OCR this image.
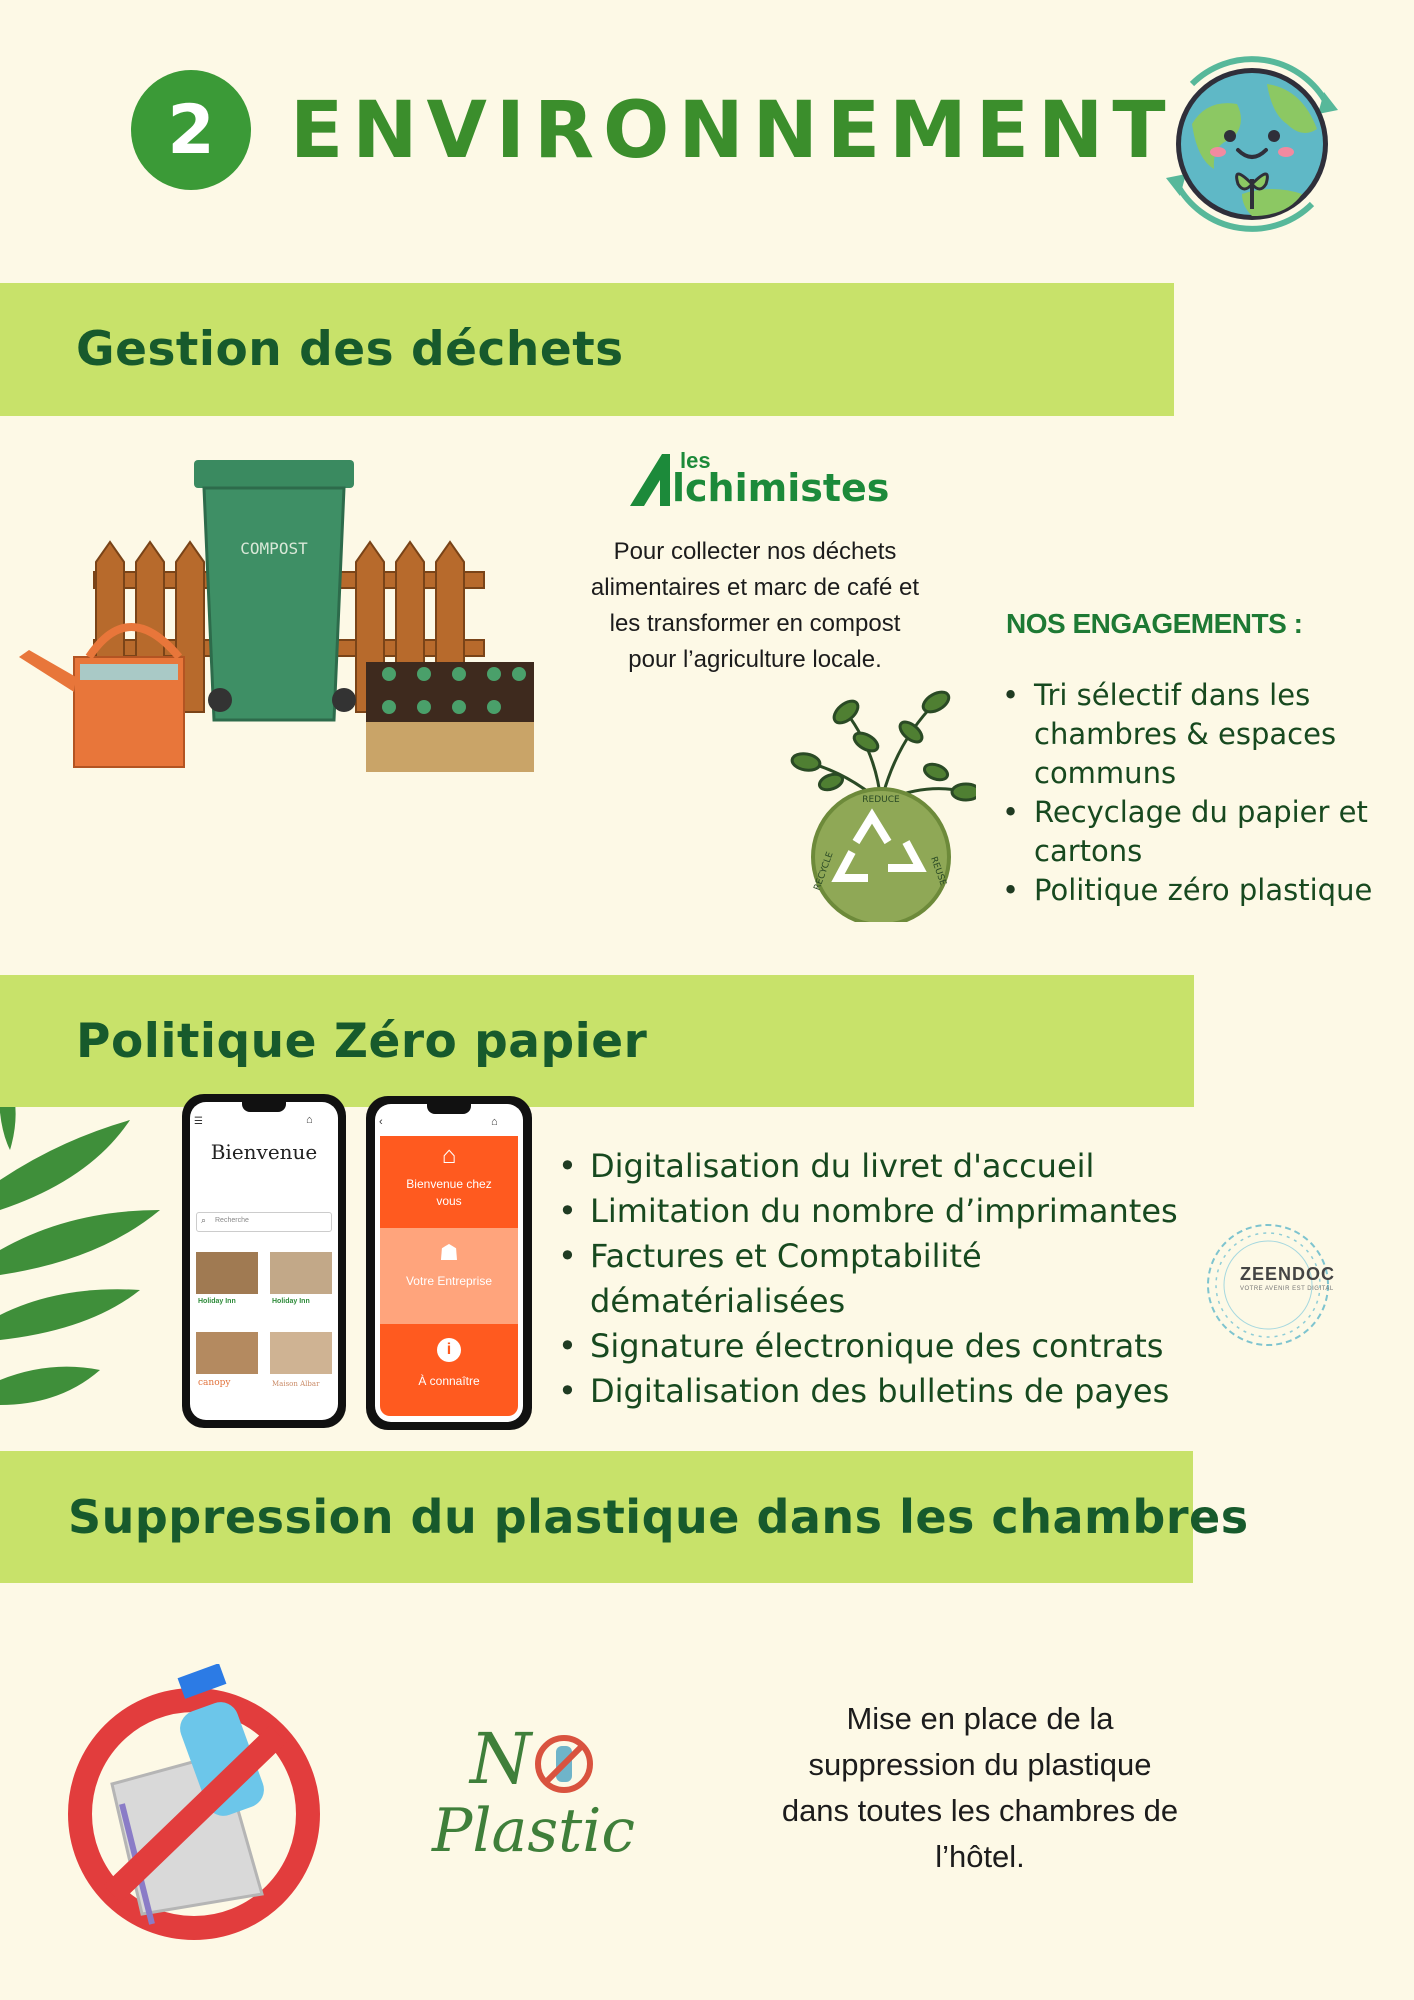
2 ENVIRONNEMENT
Gestion des déchets
COMPOST
les
lchimistes
Pour collecter nos déchets
alimentaires et marc de café et
les transformer en compost
pour l’agriculture locale.
REDUCE
REUSE
RECYCLE
NOS ENGAGEMENTS :
• Tri sélectif dans les chambres & espaces communs
• Recyclage du papier et cartons
• Politique zéro plastique
Politique Zéro papier
☰	⌂
Bienvenue
⌕ Recherche
Holiday Inn	Holiday Inn
canopy	Maison Albar
‹	⌂
⌂
Bienvenue chez vous
☗
Votre Entreprise
i
À connaître
• Digitalisation du livret d'accueil
• Limitation du nombre d’imprimantes
• Factures et Comptabilité dématérialisées
• Signature électronique des contrats
• Digitalisation des bulletins de payes
ZEENDOC
VOTRE AVENIR EST DIGITAL
Suppression du plastique dans les chambres
N
Plastic
Mise en place de la
suppression du plastique
dans toutes les chambres de
l’hôtel.
